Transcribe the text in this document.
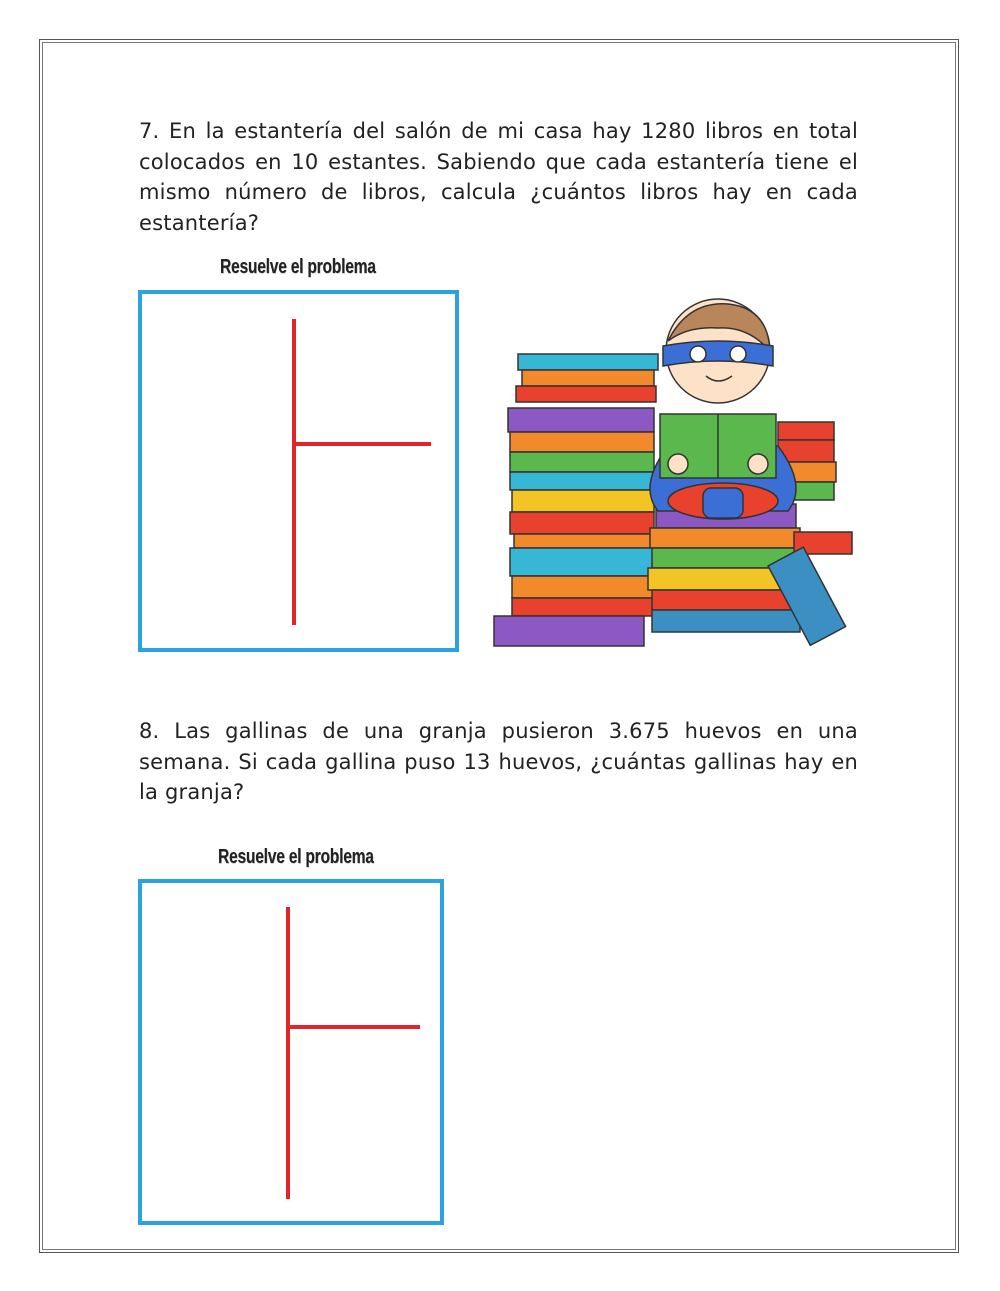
7. En la estantería del salón de mi casa hay 1280 libros en total colocados en 10 estantes. Sabiendo que cada estantería tiene el mismo número de libros, calcula ¿cuántos libros hay en cada estantería?
Resuelve el problema
8. Las gallinas de una granja pusieron 3.675 huevos en una semana. Si cada gallina puso 13 huevos, ¿cuántas gallinas hay en la granja?
Resuelve el problema
